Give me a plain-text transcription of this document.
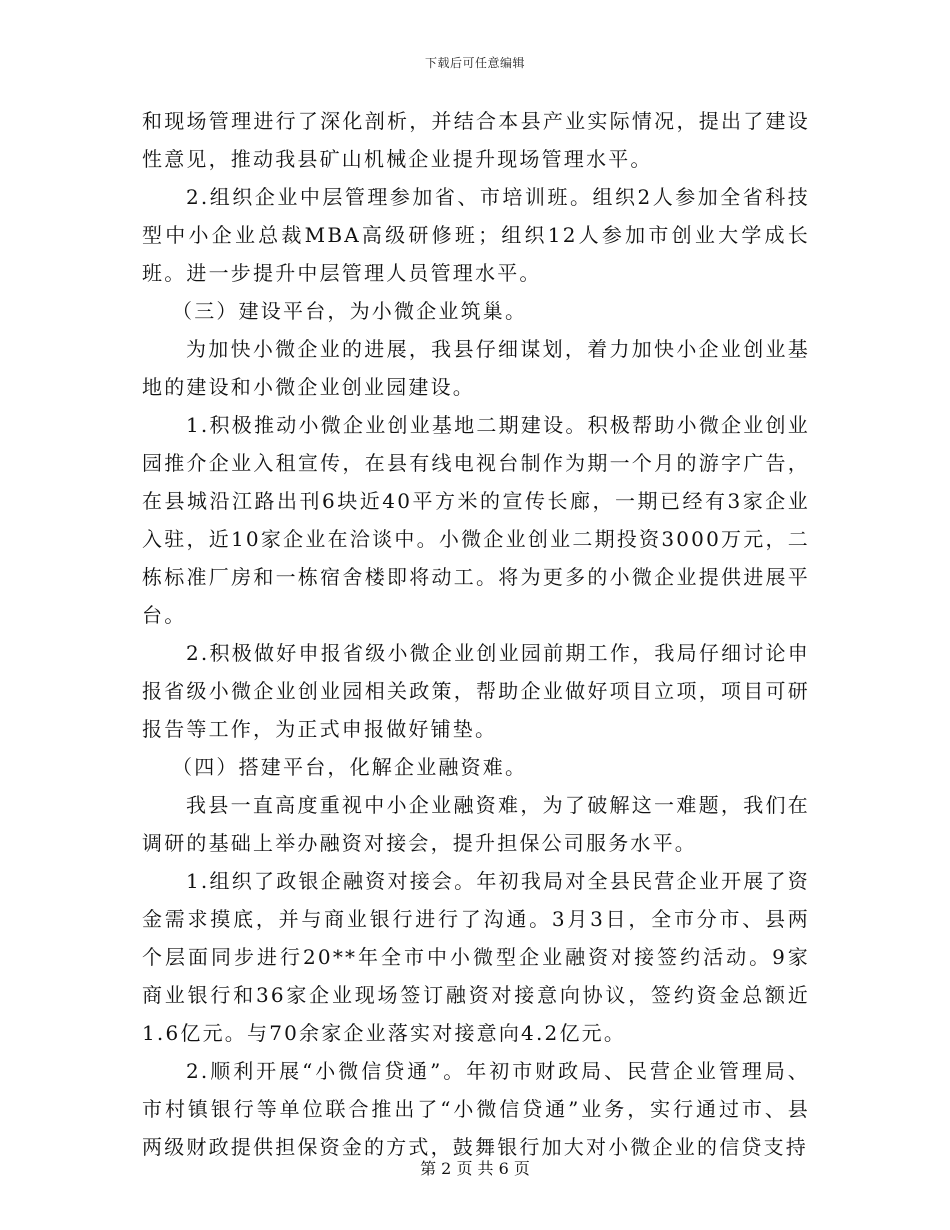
下载后可任意编辑

和现场管理进行了深化剖析，并结合本县产业实际情况，提出了建设性意见，推动我县矿山机械企业提升现场管理水平。

2.组织企业中层管理参加省、市培训班。组织2人参加全省科技型中小企业总裁MBA高级研修班；组织12人参加市创业大学成长班。进一步提升中层管理人员管理水平。

（三）建设平台，为小微企业筑巢。

为加快小微企业的进展，我县仔细谋划，着力加快小企业创业基地的建设和小微企业创业园建设。

1.积极推动小微企业创业基地二期建设。积极帮助小微企业创业园推介企业入租宣传，在县有线电视台制作为期一个月的游字广告，在县城沿江路出刊6块近40平方米的宣传长廊，一期已经有3家企业入驻，近10家企业在洽谈中。小微企业创业二期投资3000万元，二栋标准厂房和一栋宿舍楼即将动工。将为更多的小微企业提供进展平台。

2.积极做好申报省级小微企业创业园前期工作，我局仔细讨论申报省级小微企业创业园相关政策，帮助企业做好项目立项，项目可研报告等工作，为正式申报做好铺垫。

（四）搭建平台，化解企业融资难。

我县一直高度重视中小企业融资难，为了破解这一难题，我们在调研的基础上举办融资对接会，提升担保公司服务水平。

1.组织了政银企融资对接会。年初我局对全县民营企业开展了资金需求摸底，并与商业银行进行了沟通。3月3日，全市分市、县两个层面同步进行20**年全市中小微型企业融资对接签约活动。9家商业银行和36家企业现场签订融资对接意向协议，签约资金总额近1.6亿元。与70余家企业落实对接意向4.2亿元。

2.顺利开展“小微信贷通”。年初市财政局、民营企业管理局、市村镇银行等单位联合推出了“小微信贷通”业务，实行通过市、县两级财政提供担保资金的方式，鼓舞银行加大对小微企业的信贷支持

第 2 页 共 6 页
